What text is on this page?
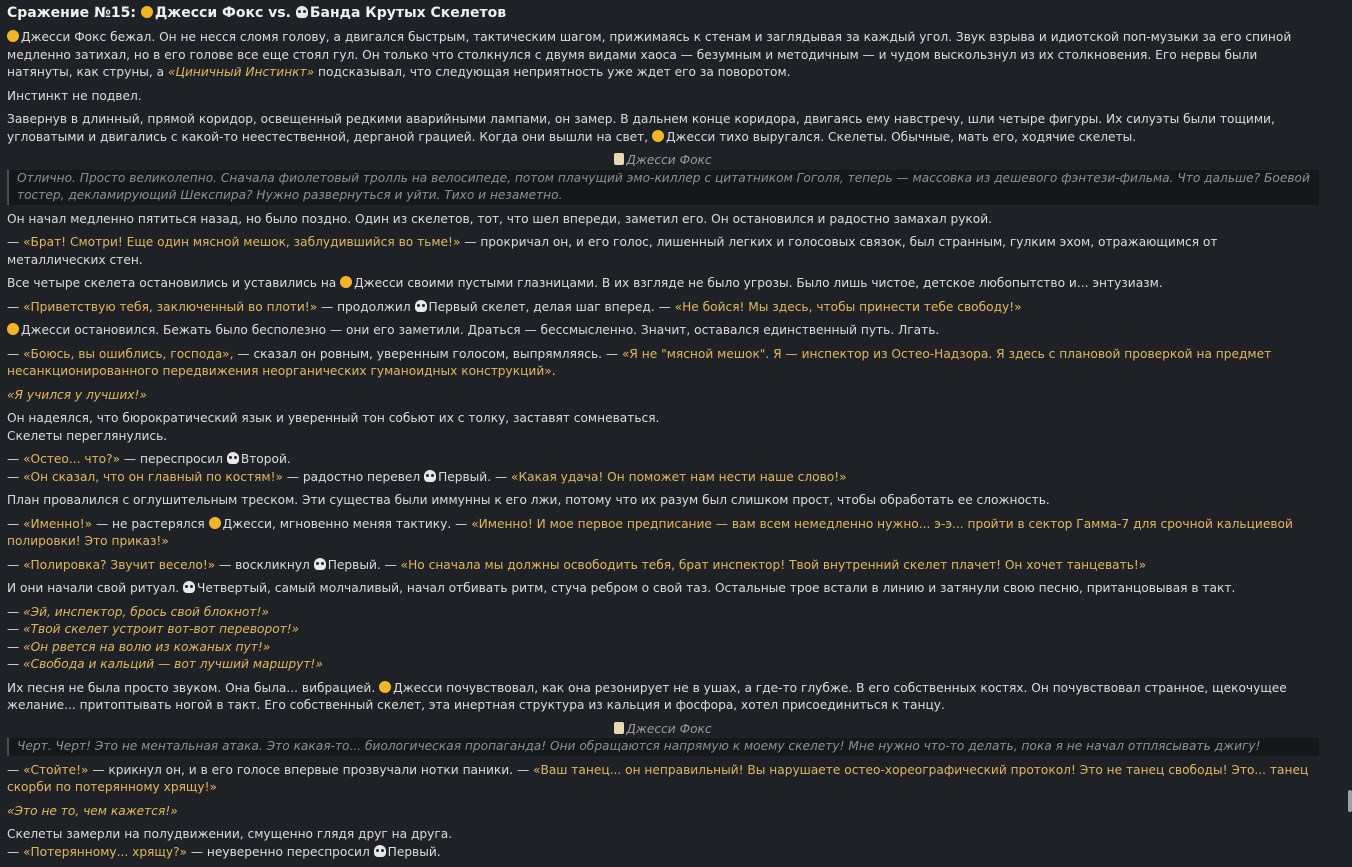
Сражение №15: Джесси Фокс vs. Банда Крутых Скелетов

Джесси Фокс бежал. Он не несся сломя голову, а двигался быстрым, тактическим шагом, прижимаясь к стенам и заглядывая за каждый угол. Звук взрыва и идиотской поп-музыки за его спиной медленно затихал, но в его голове все еще стоял гул. Он только что столкнулся с двумя видами хаоса — безумным и методичным — и чудом выскользнул из их столкновения. Его нервы были натянуты, как струны, а «Циничный Инстинкт» подсказывал, что следующая неприятность уже ждет его за поворотом.

Инстинкт не подвел.

Завернув в длинный, прямой коридор, освещенный редкими аварийными лампами, он замер. В дальнем конце коридора, двигаясь ему навстречу, шли четыре фигуры. Их силуэты были тощими, угловатыми и двигались с какой-то неестественной, дерганой грацией. Когда они вышли на свет, Джесси тихо выругался. Скелеты. Обычные, мать его, ходячие скелеты.

Джесси Фокс
Отлично. Просто великолепно. Сначала фиолетовый тролль на велосипеде, потом плачущий эмо-киллер с цитатником Гоголя, теперь — массовка из дешевого фэнтези-фильма. Что дальше? Боевой тостер, декламирующий Шекспира? Нужно развернуться и уйти. Тихо и незаметно.

Он начал медленно пятиться назад, но было поздно. Один из скелетов, тот, что шел впереди, заметил его. Он остановился и радостно замахал рукой.

— «Брат! Смотри! Еще один мясной мешок, заблудившийся во тьме!» — прокричал он, и его голос, лишенный легких и голосовых связок, был странным, гулким эхом, отражающимся от металлических стен.

Все четыре скелета остановились и уставились на Джесси своими пустыми глазницами. В их взгляде не было угрозы. Было лишь чистое, детское любопытство и... энтузиазм.

— «Приветствую тебя, заключенный во плоти!» — продолжил Первый скелет, делая шаг вперед. — «Не бойся! Мы здесь, чтобы принести тебе свободу!»

Джесси остановился. Бежать было бесполезно — они его заметили. Драться — бессмысленно. Значит, оставался единственный путь. Лгать.

— «Боюсь, вы ошиблись, господа», — сказал он ровным, уверенным голосом, выпрямляясь. — «Я не "мясной мешок". Я — инспектор из Остео-Надзора. Я здесь с плановой проверкой на предмет несанкционированного передвижения неорганических гуманоидных конструкций».

«Я учился у лучших!»

Он надеялся, что бюрократический язык и уверенный тон собьют их с толку, заставят сомневаться.
Скелеты переглянулись.

— «Остео... что?» — переспросил Второй.
— «Он сказал, что он главный по костям!» — радостно перевел Первый. — «Какая удача! Он поможет нам нести наше слово!»

План провалился с оглушительным треском. Эти существа были иммунны к его лжи, потому что их разум был слишком прост, чтобы обработать ее сложность.

— «Именно!» — не растерялся Джесси, мгновенно меняя тактику. — «Именно! И мое первое предписание — вам всем немедленно нужно... э-э... пройти в сектор Гамма-7 для срочной кальциевой полировки! Это приказ!»

— «Полировка? Звучит весело!» — воскликнул Первый. — «Но сначала мы должны освободить тебя, брат инспектор! Твой внутренний скелет плачет! Он хочет танцевать!»

И они начали свой ритуал. Четвертый, самый молчаливый, начал отбивать ритм, стуча ребром о свой таз. Остальные трое встали в линию и затянули свою песню, пританцовывая в такт.

— «Эй, инспектор, брось свой блокнот!»
— «Твой скелет устроит вот-вот переворот!»
— «Он рвется на волю из кожаных пут!»
— «Свобода и кальций — вот лучший маршрут!»

Их песня не была просто звуком. Она была... вибрацией. Джесси почувствовал, как она резонирует не в ушах, а где-то глубже. В его собственных костях. Он почувствовал странное, щекочущее желание... притоптывать ногой в такт. Его собственный скелет, эта инертная структура из кальция и фосфора, хотел присоединиться к танцу.

Джесси Фокс
Черт. Черт! Это не ментальная атака. Это какая-то... биологическая пропаганда! Они обращаются напрямую к моему скелету! Мне нужно что-то делать, пока я не начал отплясывать джигу!

— «Стойте!» — крикнул он, и в его голосе впервые прозвучали нотки паники. — «Ваш танец... он неправильный! Вы нарушаете остео-хореографический протокол! Это не танец свободы! Это... танец скорби по потерянному хрящу!»

«Это не то, чем кажется!»

Скелеты замерли на полудвижении, смущенно глядя друг на друга.
— «Потерянному... хрящу?» — неуверенно переспросил Первый.
